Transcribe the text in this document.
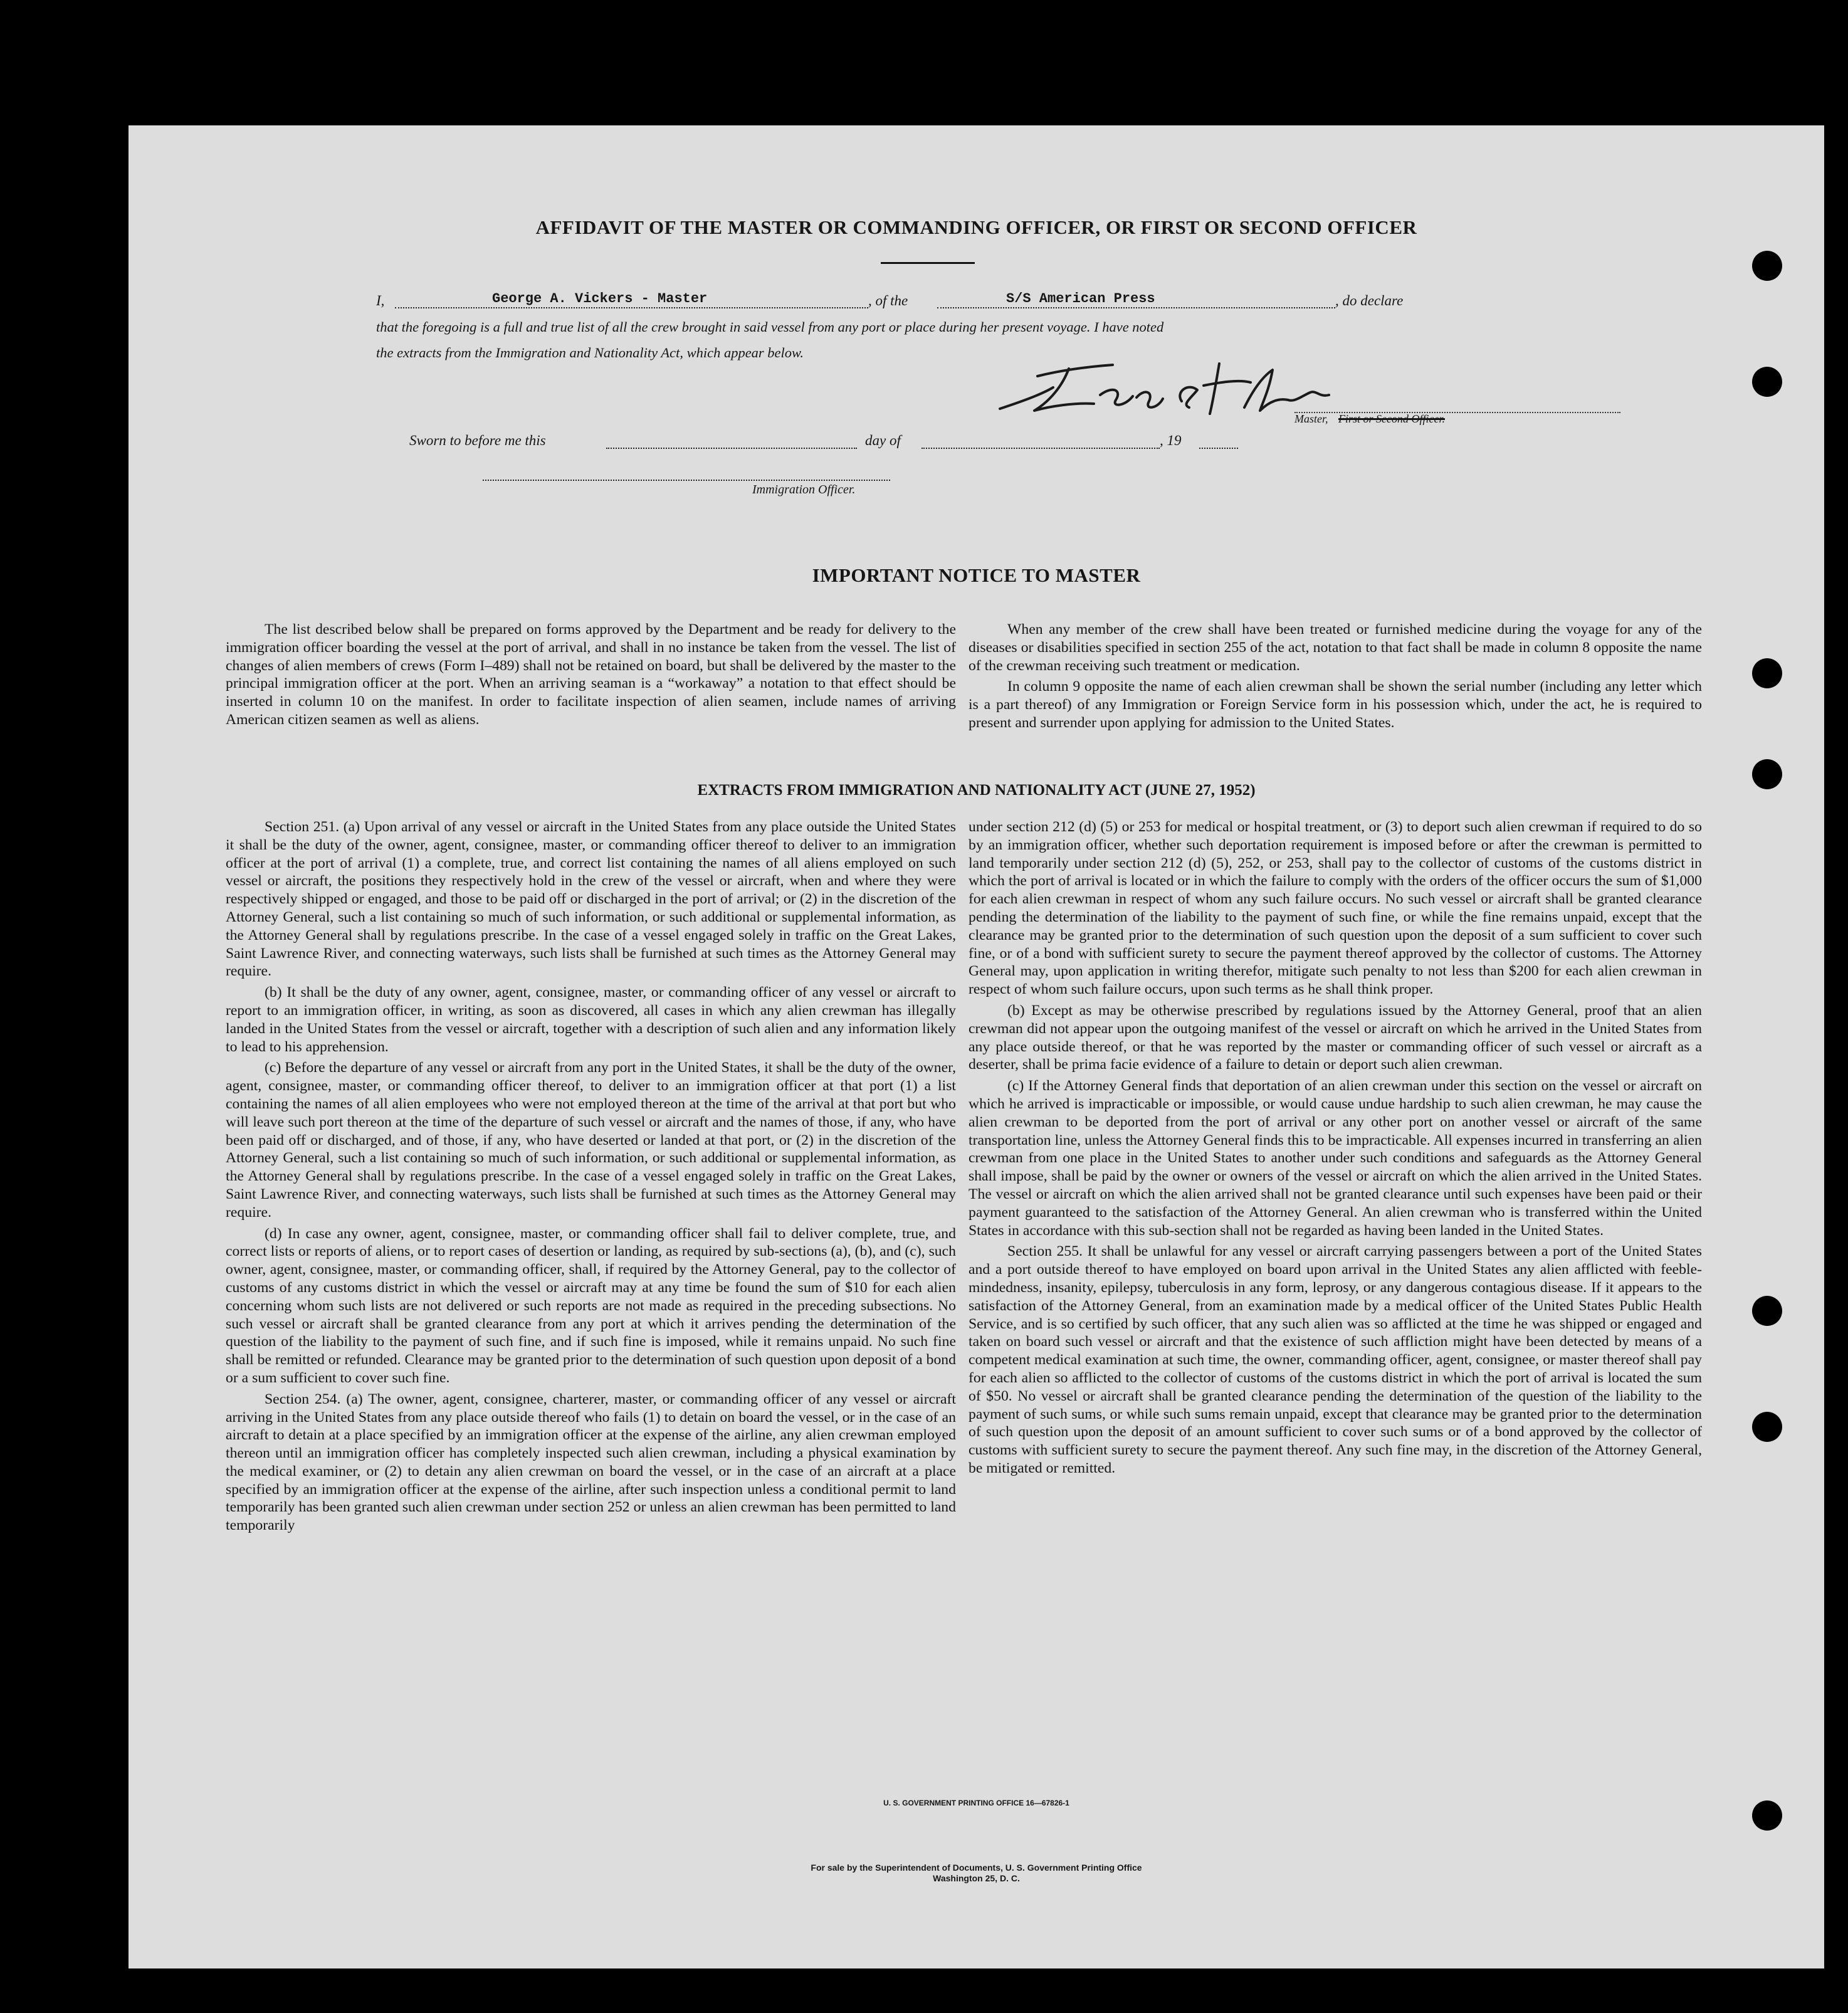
AFFIDAVIT OF THE MASTER OR COMMANDING OFFICER, OR FIRST OR SECOND OFFICER
I,	George A. Vickers - Master	, of the	S/S American Press	, do declare
that the foregoing is a full and true list of all the crew brought in said vessel from any port or place during her present voyage. I have noted
the extracts from the Immigration and Nationality Act, which appear below.
Master, First or Second Officer.
Sworn to before me this	day of	, 19
Immigration Officer.
IMPORTANT NOTICE TO MASTER

The list described below shall be prepared on forms approved by the Department and be ready for delivery to the immigration officer boarding the vessel at the port of arrival, and shall in no instance be taken from the vessel. The list of changes of alien members of crews (Form I–489) shall not be retained on board, but shall be delivered by the master to the principal immigration officer at the port. When an arriving seaman is a “workaway” a notation to that effect should be inserted in column 10 on the manifest. In order to facilitate inspection of alien seamen, include names of arriving American citizen seamen as well as aliens.

When any member of the crew shall have been treated or furnished medicine during the voyage for any of the diseases or disabilities specified in section 255 of the act, notation to that fact shall be made in column 8 opposite the name of the crewman receiving such treatment or medication.

In column 9 opposite the name of each alien crewman shall be shown the serial number (including any letter which is a part thereof) of any Immigration or Foreign Service form in his possession which, under the act, he is required to present and surrender upon applying for admission to the United States.

EXTRACTS FROM IMMIGRATION AND NATIONALITY ACT (JUNE 27, 1952)

Section 251. (a) Upon arrival of any vessel or aircraft in the United States from any place outside the United States it shall be the duty of the owner, agent, consignee, master, or commanding officer thereof to deliver to an immigration officer at the port of arrival (1) a complete, true, and correct list containing the names of all aliens employed on such vessel or aircraft, the positions they respectively hold in the crew of the vessel or aircraft, when and where they were respectively shipped or engaged, and those to be paid off or discharged in the port of arrival; or (2) in the discretion of the Attorney General, such a list containing so much of such information, or such additional or supplemental information, as the Attorney General shall by regulations prescribe. In the case of a vessel engaged solely in traffic on the Great Lakes, Saint Lawrence River, and connecting waterways, such lists shall be furnished at such times as the Attorney General may require.

(b) It shall be the duty of any owner, agent, consignee, master, or commanding officer of any vessel or aircraft to report to an immigration officer, in writing, as soon as discovered, all cases in which any alien crewman has illegally landed in the United States from the vessel or aircraft, together with a description of such alien and any information likely to lead to his apprehension.

(c) Before the departure of any vessel or aircraft from any port in the United States, it shall be the duty of the owner, agent, consignee, master, or commanding officer thereof, to deliver to an immigration officer at that port (1) a list containing the names of all alien employees who were not employed thereon at the time of the arrival at that port but who will leave such port thereon at the time of the departure of such vessel or aircraft and the names of those, if any, who have been paid off or discharged, and of those, if any, who have deserted or landed at that port, or (2) in the discretion of the Attorney General, such a list containing so much of such information, or such additional or supplemental information, as the Attorney General shall by regulations prescribe. In the case of a vessel engaged solely in traffic on the Great Lakes, Saint Lawrence River, and connecting waterways, such lists shall be furnished at such times as the Attorney General may require.

(d) In case any owner, agent, consignee, master, or commanding officer shall fail to deliver complete, true, and correct lists or reports of aliens, or to report cases of desertion or landing, as required by sub-sections (a), (b), and (c), such owner, agent, consignee, master, or commanding officer, shall, if required by the Attorney General, pay to the collector of customs of any customs district in which the vessel or aircraft may at any time be found the sum of $10 for each alien concerning whom such lists are not delivered or such reports are not made as required in the preceding subsections. No such vessel or aircraft shall be granted clearance from any port at which it arrives pending the determination of the question of the liability to the payment of such fine, and if such fine is imposed, while it remains unpaid. No such fine shall be remitted or refunded. Clearance may be granted prior to the determination of such question upon deposit of a bond or a sum sufficient to cover such fine.

Section 254. (a) The owner, agent, consignee, charterer, master, or commanding officer of any vessel or aircraft arriving in the United States from any place outside thereof who fails (1) to detain on board the vessel, or in the case of an aircraft to detain at a place specified by an immigration officer at the expense of the airline, any alien crewman employed thereon until an immigration officer has completely inspected such alien crewman, including a physical examination by the medical examiner, or (2) to detain any alien crewman on board the vessel, or in the case of an aircraft at a place specified by an immigration officer at the expense of the airline, after such inspection unless a conditional permit to land temporarily has been granted such alien crewman under section 252 or unless an alien crewman has been permitted to land temporarily

under section 212 (d) (5) or 253 for medical or hospital treatment, or (3) to deport such alien crewman if required to do so by an immigration officer, whether such deportation requirement is imposed before or after the crewman is permitted to land temporarily under section 212 (d) (5), 252, or 253, shall pay to the collector of customs of the customs district in which the port of arrival is located or in which the failure to comply with the orders of the officer occurs the sum of $1,000 for each alien crewman in respect of whom any such failure occurs. No such vessel or aircraft shall be granted clearance pending the determination of the liability to the payment of such fine, or while the fine remains unpaid, except that the clearance may be granted prior to the determination of such question upon the deposit of a sum sufficient to cover such fine, or of a bond with sufficient surety to secure the payment thereof approved by the collector of customs. The Attorney General may, upon application in writing therefor, mitigate such penalty to not less than $200 for each alien crewman in respect of whom such failure occurs, upon such terms as he shall think proper.

(b) Except as may be otherwise prescribed by regulations issued by the Attorney General, proof that an alien crewman did not appear upon the outgoing manifest of the vessel or aircraft on which he arrived in the United States from any place outside thereof, or that he was reported by the master or commanding officer of such vessel or aircraft as a deserter, shall be prima facie evidence of a failure to detain or deport such alien crewman.

(c) If the Attorney General finds that deportation of an alien crewman under this section on the vessel or aircraft on which he arrived is impracticable or impossible, or would cause undue hardship to such alien crewman, he may cause the alien crewman to be deported from the port of arrival or any other port on another vessel or aircraft of the same transportation line, unless the Attorney General finds this to be impracticable. All expenses incurred in transferring an alien crewman from one place in the United States to another under such conditions and safeguards as the Attorney General shall impose, shall be paid by the owner or owners of the vessel or aircraft on which the alien arrived in the United States. The vessel or aircraft on which the alien arrived shall not be granted clearance until such expenses have been paid or their payment guaranteed to the satisfaction of the Attorney General. An alien crewman who is transferred within the United States in accordance with this sub-section shall not be regarded as having been landed in the United States.

Section 255. It shall be unlawful for any vessel or aircraft carrying passengers between a port of the United States and a port outside thereof to have employed on board upon arrival in the United States any alien afflicted with feeble-mindedness, insanity, epilepsy, tuberculosis in any form, leprosy, or any dangerous contagious disease. If it appears to the satisfaction of the Attorney General, from an examination made by a medical officer of the United States Public Health Service, and is so certified by such officer, that any such alien was so afflicted at the time he was shipped or engaged and taken on board such vessel or aircraft and that the existence of such affliction might have been detected by means of a competent medical examination at such time, the owner, commanding officer, agent, consignee, or master thereof shall pay for each alien so afflicted to the collector of customs of the customs district in which the port of arrival is located the sum of $50. No vessel or aircraft shall be granted clearance pending the determination of the question of the liability to the payment of such sums, or while such sums remain unpaid, except that clearance may be granted prior to the determination of such question upon the deposit of an amount sufficient to cover such sums or of a bond approved by the collector of customs with sufficient surety to secure the payment thereof. Any such fine may, in the discretion of the Attorney General, be mitigated or remitted.

U. S. GOVERNMENT PRINTING OFFICE 16—67826-1
For sale by the Superintendent of Documents, U. S. Government Printing Office
Washington 25, D. C.
